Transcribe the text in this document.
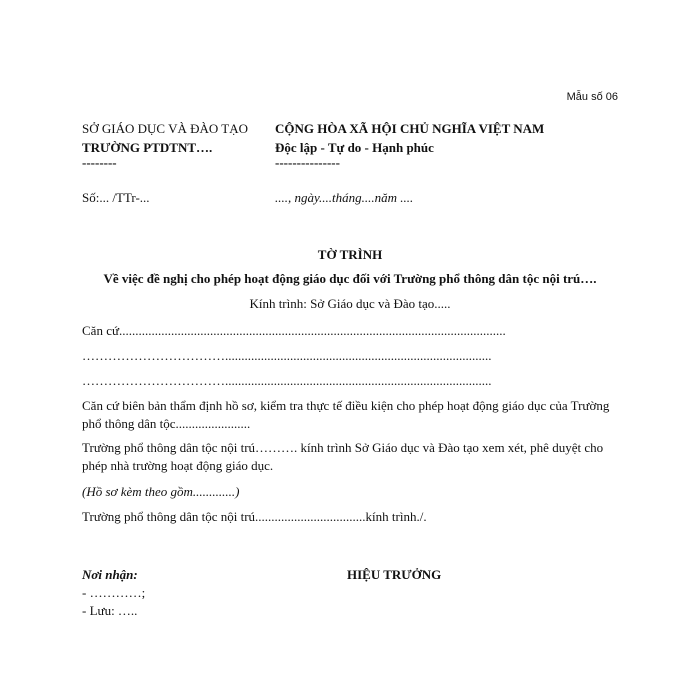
Mẫu số 06
SỞ GIÁO DỤC VÀ ĐÀO TẠO
TRƯỜNG PTDTNT….
--------
Số:... /TTr-...
CỘNG HÒA XÃ HỘI CHỦ NGHĨA VIỆT NAM
Độc lập - Tự do - Hạnh phúc
---------------
...., ngày....tháng....năm ....
TỜ TRÌNH
Về việc đề nghị cho phép hoạt động giáo dục đối với Trường phổ thông dân tộc nội trú….
Kính trình: Sở Giáo dục và Đào tạo.....
Căn cứ.......................................................................................................................
……………………………..................................................................................
……………………………..................................................................................
Căn cứ biên bản thẩm định hồ sơ, kiểm tra thực tế điều kiện cho phép hoạt động giáo dục của Trường phổ thông dân tộc.......................
Trường phổ thông dân tộc nội trú………. kính trình Sở Giáo dục và Đào tạo xem xét, phê duyệt cho phép nhà trường hoạt động giáo dục.
(Hồ sơ kèm theo gồm.............)
Trường phổ thông dân tộc nội trú..................................kính trình./.
Nơi nhận:
- …………;
- Lưu: …..
HIỆU TRƯỞNG
